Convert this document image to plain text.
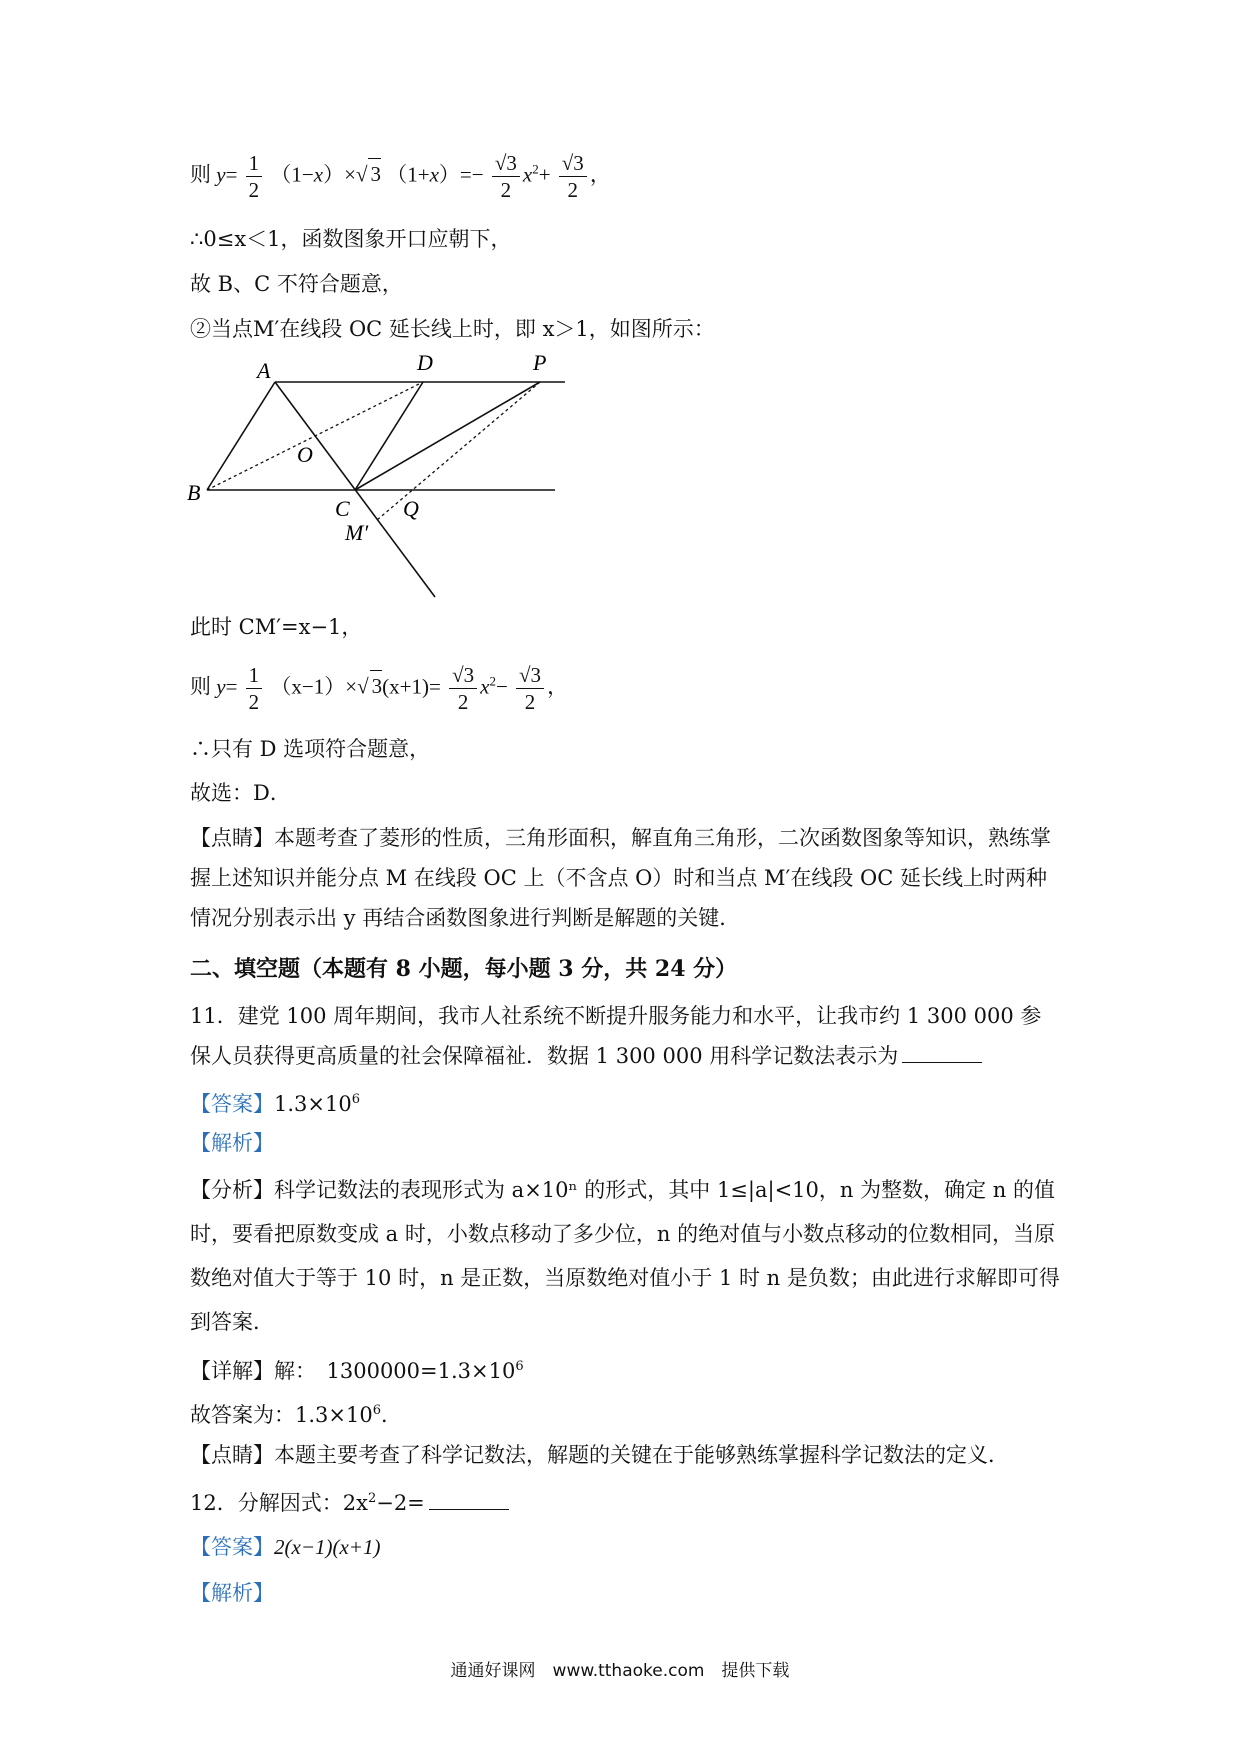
则 $y= \frac{1}{2} (1-x)\times√$ 3 $(1+x)=- \frac{√3}{2} x^2+ \frac{√3}{2}$ ，
∴0≤x＜1，函数图象开口应朝下，
故 B、C 不符合题意，
②当点M′在线段 OC 延长线上时，即 x＞1，如图所示：
A	D	P
O
B
C Q
M′
此时 CM′=x−1，
则 $y= \frac{1}{2} (x-1)\times√$ $3(x+1)= \frac{√3}{2} x^2- \frac{√3}{2}$ ，
∴只有 D 选项符合题意，
故选：D．
【点睛】本题考查了菱形的性质，三角形面积，解直角三角形，二次函数图象等知识，熟练掌握上述知识并能分点 M 在线段 OC 上（不含点 O）时和当点 M′在线段 OC 延长线上时两种情况分别表示出 y 再结合函数图象进行判断是解题的关键．
二、填空题（本题有 8 小题，每小题 3 分，共 24 分）
11．建党 100 周年期间，我市人社系统不断提升服务能力和水平，让我市约 1 300 000 参保人员获得更高质量的社会保障福祉．数据 1 300 000 用科学记数法表示为
【答案】$1.3\times 10^6$
【解析】
【分析】科学记数法的表现形式为 a×10ⁿ 的形式，其中 1≤|a|<10，n 为整数，确定 n 的值时，要看把原数变成 a 时，小数点移动了多少位，n 的绝对值与小数点移动的位数相同，当原数绝对值大于等于 10 时，n 是正数，当原数绝对值小于 1 时 n 是负数；由此进行求解即可得到答案．
【详解】解：　$1300000=1.3\times 10^6$
故答案为：$1.3\times 10^6$．
【点睛】本题主要考查了科学记数法，解题的关键在于能够熟练掌握科学记数法的定义．
12．分解因式：$2x^2-2=$
【答案】2(x−1)(x+1)
【解析】
通通好课网　www.tthaoke.com　提供下载
